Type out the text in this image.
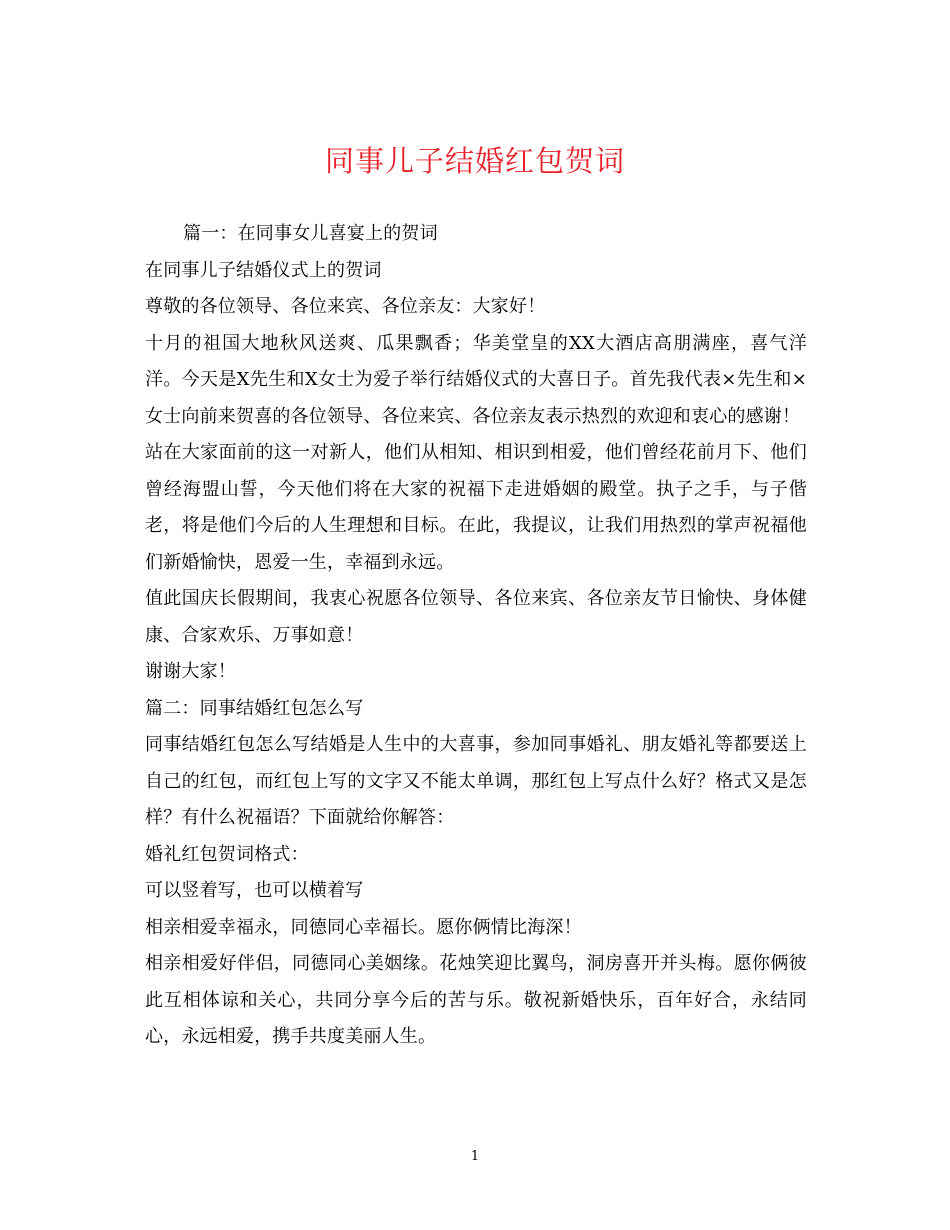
同事儿子结婚红包贺词

篇一：在同事女儿喜宴上的贺词

在同事儿子结婚仪式上的贺词

尊敬的各位领导、各位来宾、各位亲友：大家好！

十月的祖国大地秋风送爽、瓜果飘香；华美堂皇的XX大酒店高朋满座，喜气洋洋。今天是X先生和X女士为爱子举行结婚仪式的大喜日子。首先我代表×先生和×女士向前来贺喜的各位领导、各位来宾、各位亲友表示热烈的欢迎和衷心的感谢！

站在大家面前的这一对新人，他们从相知、相识到相爱，他们曾经花前月下、他们曾经海盟山誓，今天他们将在大家的祝福下走进婚姻的殿堂。执子之手，与子偕老，将是他们今后的人生理想和目标。在此，我提议，让我们用热烈的掌声祝福他们新婚愉快，恩爱一生，幸福到永远。

值此国庆长假期间，我衷心祝愿各位领导、各位来宾、各位亲友节日愉快、身体健康、合家欢乐、万事如意！

谢谢大家！

篇二：同事结婚红包怎么写

同事结婚红包怎么写结婚是人生中的大喜事，参加同事婚礼、朋友婚礼等都要送上自己的红包，而红包上写的文字又不能太单调，那红包上写点什么好？格式又是怎样？有什么祝福语？下面就给你解答：

婚礼红包贺词格式：

可以竖着写，也可以横着写

相亲相爱幸福永，同德同心幸福长。愿你俩情比海深！

相亲相爱好伴侣，同德同心美姻缘。花烛笑迎比翼鸟，洞房喜开并头梅。愿你俩彼此互相体谅和关心，共同分享今后的苦与乐。敬祝新婚快乐，百年好合，永结同心，永远相爱，携手共度美丽人生。

1
